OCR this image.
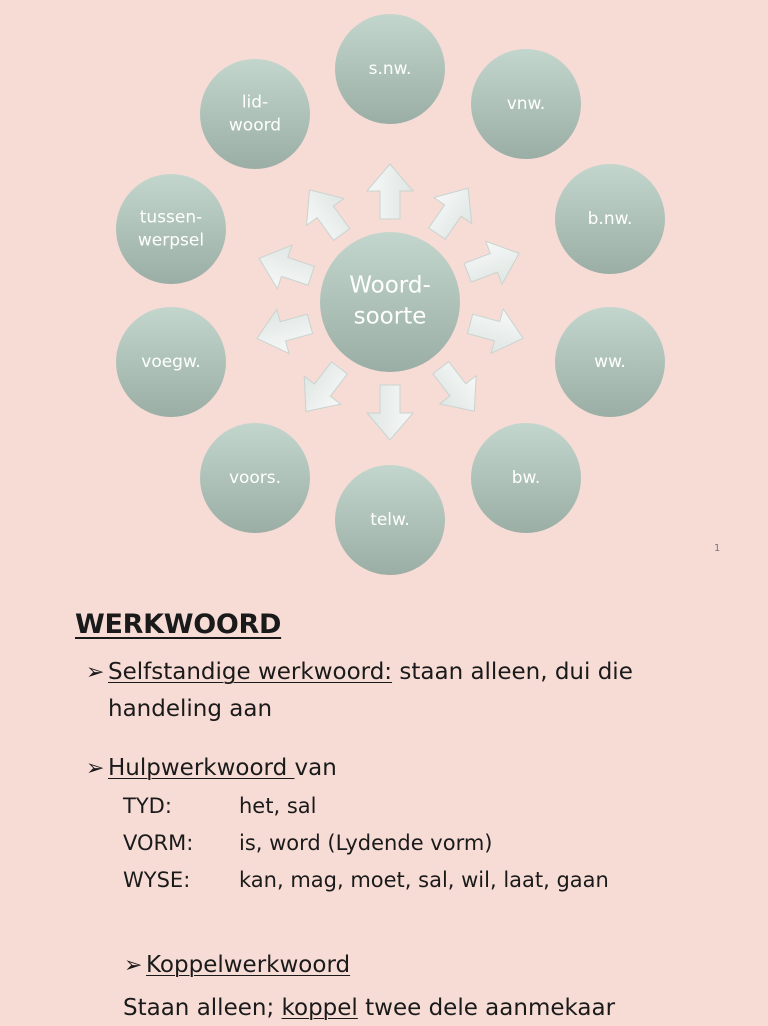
s.nw.
vnw.
b.nw.
ww.
bw.
telw.
voors.
voegw.
tussen-
werpsel
lid-
woord
Woord-
soorte
1
WERKWOORD
➢ Selfstandige werkwoord: staan alleen, dui die
handeling aan
➢ Hulpwerkwoord van
TYD:	het, sal
VORM: is, word (Lydende vorm)
WYSE: kan, mag, moet, sal, wil, laat, gaan
➢ Koppelwerkwoord
Staan alleen; koppel twee dele aanmekaar
